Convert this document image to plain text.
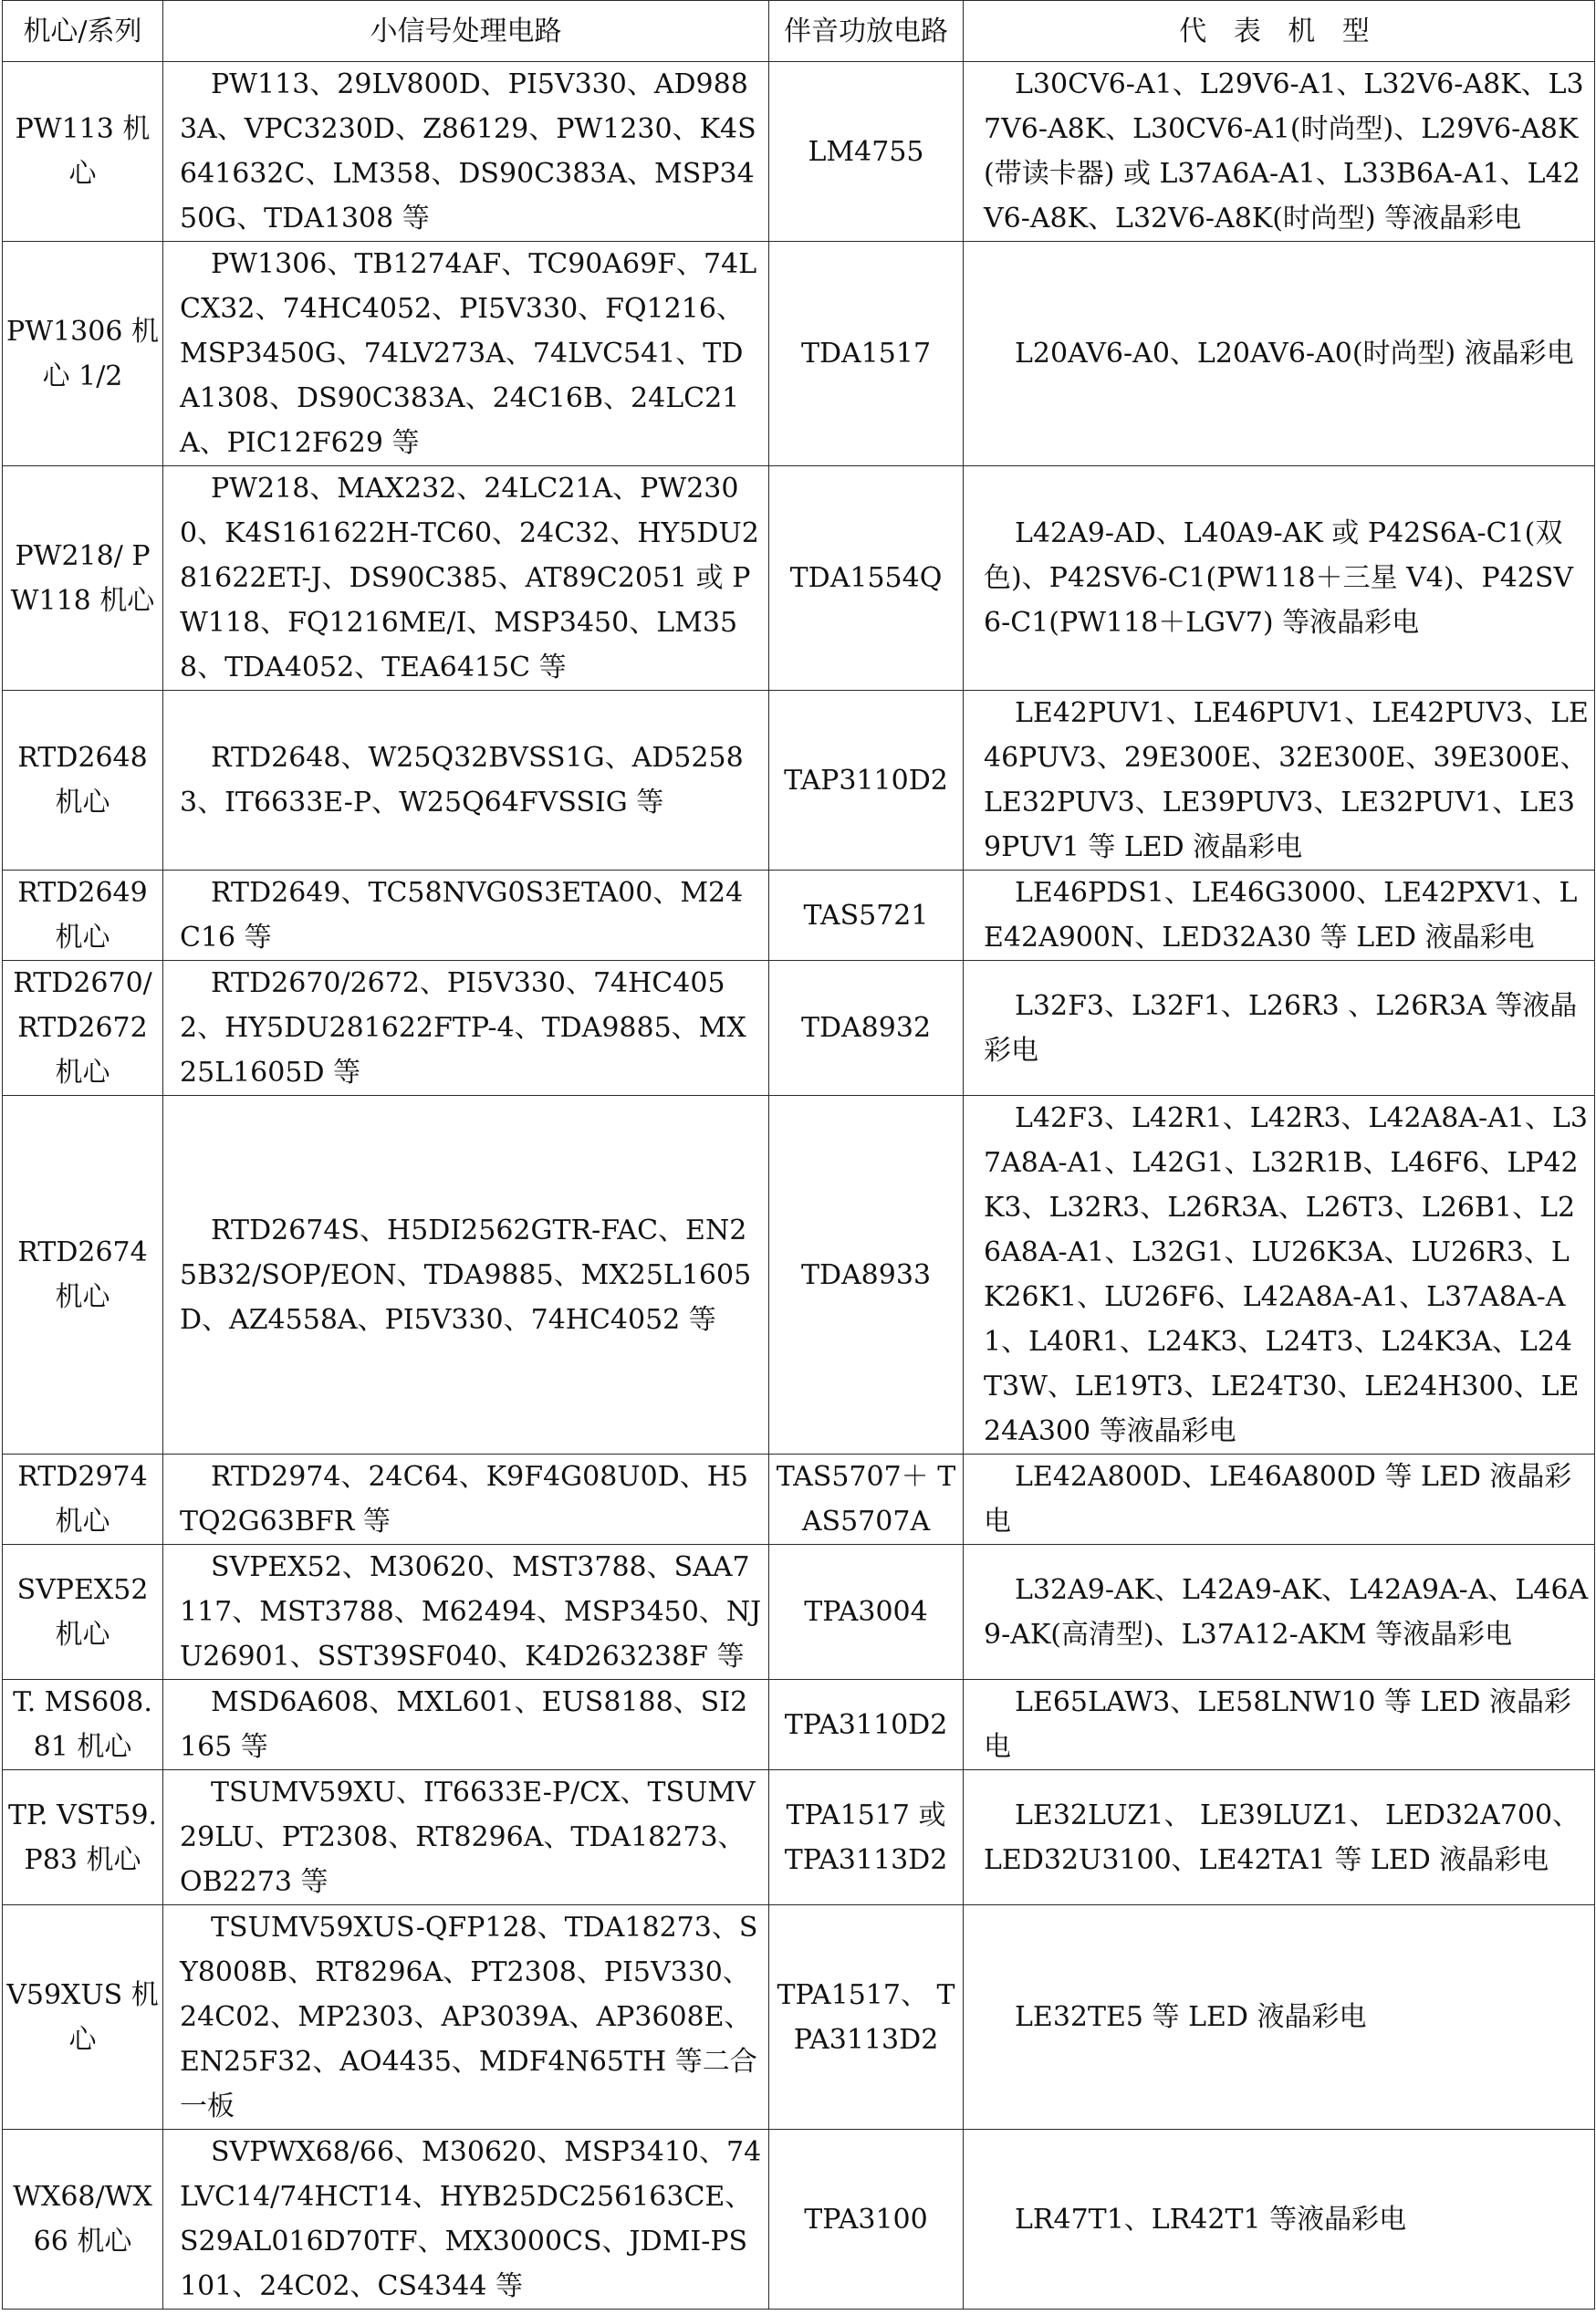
机心/系列	小信号处理电路	伴音功放电路	代 表 机 型
PW113 机心	PW113、29LV800D、PI5V330、AD9883A、VPC3230D、Z86129、PW1230、K4S641632C、LM358、DS90C383A、MSP3450G、TDA1308 等	LM4755	L30CV6-A1、L29V6-A1、L32V6-A8K、L37V6-A8K、L30CV6-A1(时尚型)、L29V6-A8K(带读卡器) 或 L37A6A-A1、L33B6A-A1、L42V6-A8K、L32V6-A8K(时尚型) 等液晶彩电
PW1306 机心 1/2	PW1306、TB1274AF、TC90A69F、74LCX32、74HC4052、PI5V330、FQ1216、MSP3450G、74LV273A、74LVC541、TDA1308、DS90C383A、24C16B、24LC21A、PIC12F629 等	TDA1517	L20AV6-A0、L20AV6-A0(时尚型) 液晶彩电
PW218/ PW118 机心	PW218、MAX232、24LC21A、PW2300、K4S161622H-TC60、24C32、HY5DU281622ET-J、DS90C385、AT89C2051 或 PW118、FQ1216ME/I、MSP3450、LM358、TDA4052、TEA6415C 等	TDA1554Q	L42A9-AD、L40A9-AK 或 P42S6A-C1(双色)、P42SV6-C1(PW118＋三星 V4)、P42SV6-C1(PW118＋LGV7) 等液晶彩电
RTD2648 机心	RTD2648、W25Q32BVSS1G、AD52583、IT6633E-P、W25Q64FVSSIG 等	TAP3110D2	LE42PUV1、LE46PUV1、LE42PUV3、LE46PUV3、29E300E、32E300E、39E300E、LE32PUV3、LE39PUV3、LE32PUV1、LE39PUV1 等 LED 液晶彩电
RTD2649 机心	RTD2649、TC58NVG0S3ETA00、M24C16 等	TAS5721	LE46PDS1、LE46G3000、LE42PXV1、LE42A900N、LED32A30 等 LED 液晶彩电
RTD2670/ RTD2672 机心	RTD2670/2672、PI5V330、74HC4052、HY5DU281622FTP-4、TDA9885、MX25L1605D 等	TDA8932	L32F3、L32F1、L26R3 、L26R3A 等液晶彩电
RTD2674 机心	RTD2674S、H5DI2562GTR-FAC、EN25B32/SOP/EON、TDA9885、MX25L1605D、AZ4558A、PI5V330、74HC4052 等	TDA8933	L42F3、L42R1、L42R3、L42A8A-A1、L37A8A-A1、L42G1、L32R1B、L46F6、LP42K3、L32R3、L26R3A、L26T3、L26B1、L26A8A-A1、L32G1、LU26K3A、LU26R3、LK26K1、LU26F6、L42A8A-A1、L37A8A-A1、L40R1、L24K3、L24T3、L24K3A、L24T3W、LE19T3、LE24T30、LE24H300、LE24A300 等液晶彩电
RTD2974 机心	RTD2974、24C64、K9F4G08U0D、H5TQ2G63BFR 等	TAS5707＋ TAS5707A	LE42A800D、LE46A800D 等 LED 液晶彩电
SVPEX52 机心	SVPEX52、M30620、MST3788、SAA7117、MST3788、M62494、MSP3450、NJU26901、SST39SF040、K4D263238F 等	TPA3004	L32A9-AK、L42A9-AK、L42A9A-A、L46A9-AK(高清型)、L37A12-AKM 等液晶彩电
T. MS608. 81 机心	MSD6A608、MXL601、EUS8188、SI2165 等	TPA3110D2	LE65LAW3、LE58LNW10 等 LED 液晶彩电
TP. VST59. P83 机心	TSUMV59XU、IT6633E-P/CX、TSUMV29LU、PT2308、RT8296A、TDA18273、OB2273 等	TPA1517 或 TPA3113D2	LE32LUZ1、 LE39LUZ1、 LED32A700、LED32U3100、LE42TA1 等 LED 液晶彩电
V59XUS 机心	TSUMV59XUS-QFP128、TDA18273、SY8008B、RT8296A、PT2308、PI5V330、24C02、MP2303、AP3039A、AP3608E、EN25F32、AO4435、MDF4N65TH 等二合一板	TPA1517、 TPA3113D2	LE32TE5 等 LED 液晶彩电
WX68/WX66 机心	SVPWX68/66、M30620、MSP3410、74LVC14/74HCT14、HYB25DC256163CE、S29AL016D70TF、MX3000CS、JDMI-PS101、24C02、CS4344 等	TPA3100	LR47T1、LR42T1 等液晶彩电
